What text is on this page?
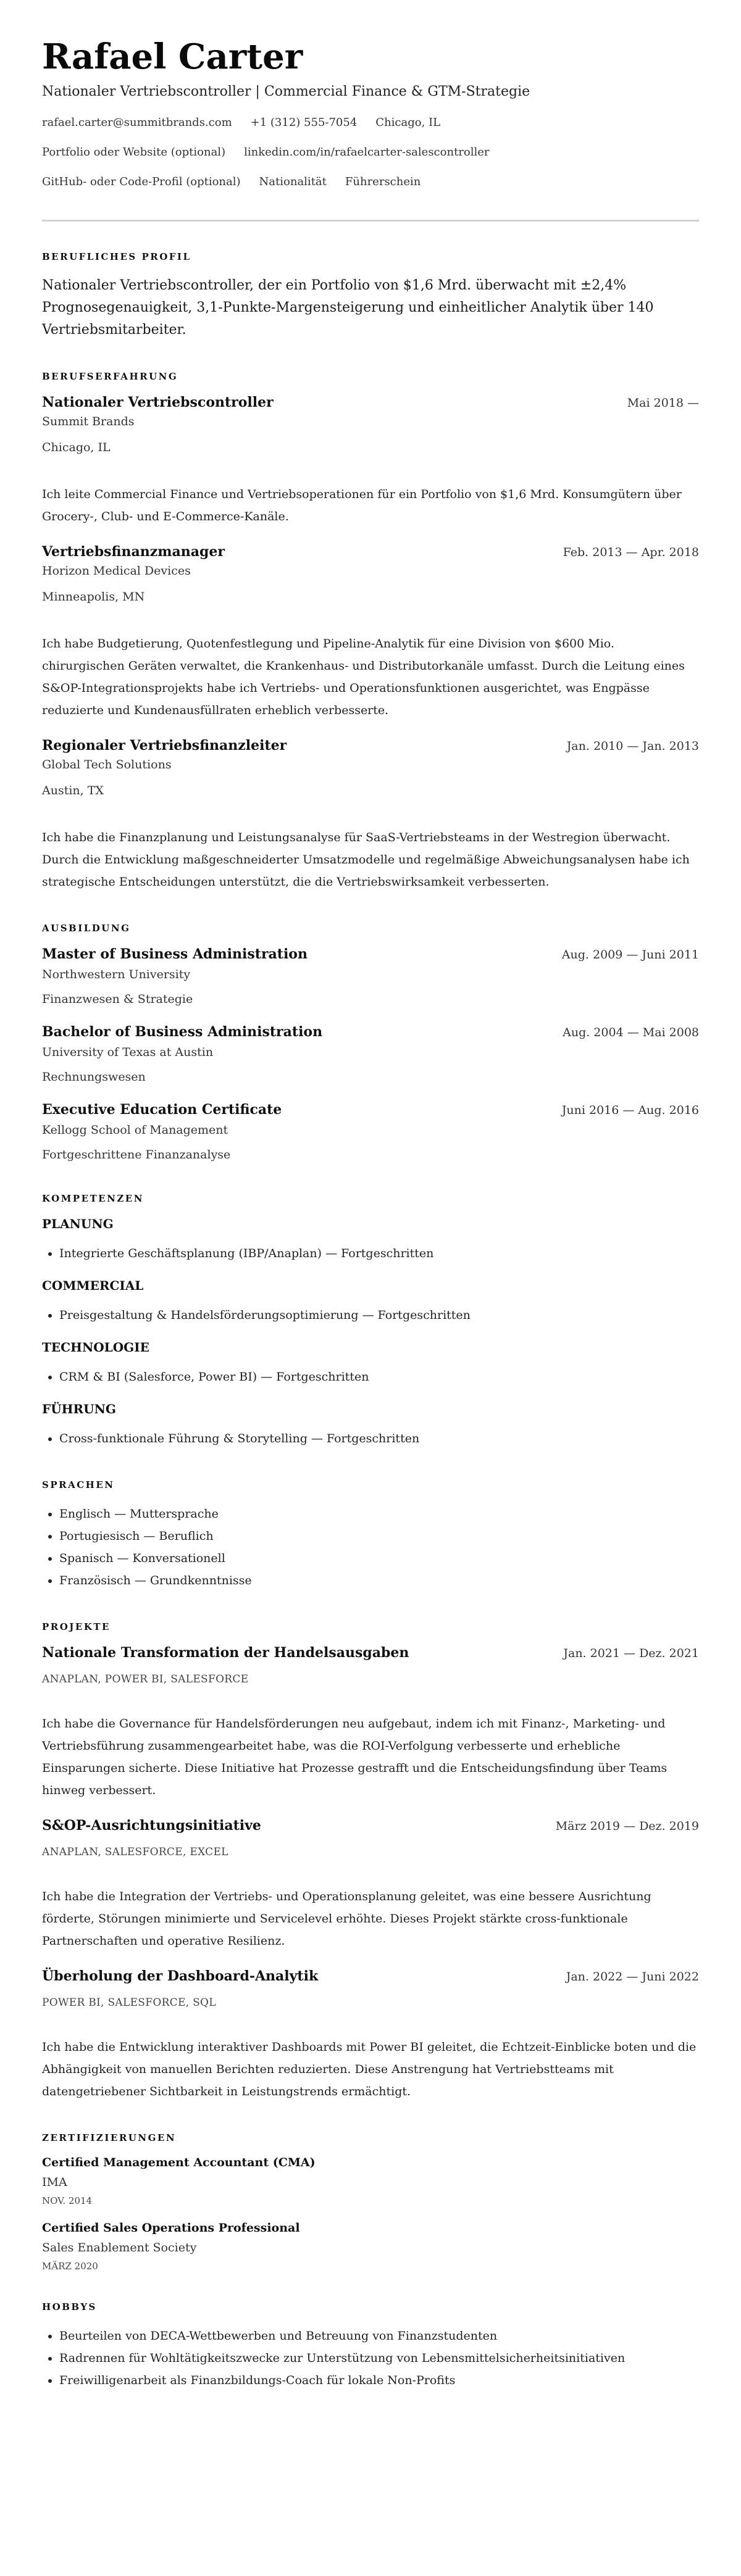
Rafael Carter
Nationaler Vertriebscontroller | Commercial Finance & GTM-Strategie
rafael.carter@summitbrands.com +1 (312) 555-7054 Chicago, IL
Portfolio oder Website (optional) linkedin.com/in/rafaelcarter-salescontroller
GitHub- oder Code-Profil (optional) Nationalität Führerschein
BERUFLICHES PROFIL

Nationaler Vertriebscontroller, der ein Portfolio von $1,6 Mrd. überwacht mit ±2,4% Prognosegenauigkeit, 3,1-Punkte-Margensteigerung und einheitlicher Analytik über 140 Vertriebsmitarbeiter.

BERUFSERFAHRUNG
Nationaler Vertriebscontroller	Mai 2018 —
Summit Brands
Chicago, IL
Ich leite Commercial Finance und Vertriebsoperationen für ein Portfolio von $1,6 Mrd. Konsumgütern über Grocery-, Club- und E-Commerce-Kanäle.
Vertriebsfinanzmanager	Feb. 2013 — Apr. 2018
Horizon Medical Devices
Minneapolis, MN
Ich habe Budgetierung, Quotenfestlegung und Pipeline-Analytik für eine Division von $600 Mio. chirurgischen Geräten verwaltet, die Krankenhaus- und Distributorkanäle umfasst. Durch die Leitung eines S&OP-Integrationsprojekts habe ich Vertriebs- und Operationsfunktionen ausgerichtet, was Engpässe reduzierte und Kundenausfüllraten erheblich verbesserte.
Regionaler Vertriebsfinanzleiter	Jan. 2010 — Jan. 2013
Global Tech Solutions
Austin, TX
Ich habe die Finanzplanung und Leistungsanalyse für SaaS-Vertriebsteams in der Westregion überwacht. Durch die Entwicklung maßgeschneiderter Umsatzmodelle und regelmäßige Abweichungsanalysen habe ich strategische Entscheidungen unterstützt, die die Vertriebswirksamkeit verbesserten.
AUSBILDUNG
Master of Business Administration	Aug. 2009 — Juni 2011
Northwestern University
Finanzwesen & Strategie
Bachelor of Business Administration	Aug. 2004 — Mai 2008
University of Texas at Austin
Rechnungswesen
Executive Education Certificate	Juni 2016 — Aug. 2016
Kellogg School of Management
Fortgeschrittene Finanzanalyse
KOMPETENZEN
PLANUNG
• Integrierte Geschäftsplanung (IBP/Anaplan) — Fortgeschritten
COMMERCIAL
• Preisgestaltung & Handelsförderungsoptimierung — Fortgeschritten
TECHNOLOGIE
• CRM & BI (Salesforce, Power BI) — Fortgeschritten
FÜHRUNG
• Cross-funktionale Führung & Storytelling — Fortgeschritten
SPRACHEN
• Englisch — Muttersprache
• Portugiesisch — Beruflich
• Spanisch — Konversationell
• Französisch — Grundkenntnisse
PROJEKTE
Nationale Transformation der Handelsausgaben	Jan. 2021 — Dez. 2021
ANAPLAN, POWER BI, SALESFORCE
Ich habe die Governance für Handelsförderungen neu aufgebaut, indem ich mit Finanz-, Marketing- und Vertriebsführung zusammengearbeitet habe, was die ROI-Verfolgung verbesserte und erhebliche Einsparungen sicherte. Diese Initiative hat Prozesse gestrafft und die Entscheidungsfindung über Teams hinweg verbessert.
S&OP-Ausrichtungsinitiative	März 2019 — Dez. 2019
ANAPLAN, SALESFORCE, EXCEL
Ich habe die Integration der Vertriebs- und Operationsplanung geleitet, was eine bessere Ausrichtung förderte, Störungen minimierte und Servicelevel erhöhte. Dieses Projekt stärkte cross-funktionale Partnerschaften und operative Resilienz.
Überholung der Dashboard-Analytik	Jan. 2022 — Juni 2022
POWER BI, SALESFORCE, SQL
Ich habe die Entwicklung interaktiver Dashboards mit Power BI geleitet, die Echtzeit-Einblicke boten und die Abhängigkeit von manuellen Berichten reduzierten. Diese Anstrengung hat Vertriebstteams mit datengetriebener Sichtbarkeit in Leistungstrends ermächtigt.
ZERTIFIZIERUNGEN
Certified Management Accountant (CMA)
IMA
NOV. 2014
Certified Sales Operations Professional
Sales Enablement Society
MÄRZ 2020
HOBBYS
• Beurteilen von DECA-Wettbewerben und Betreuung von Finanzstudenten
• Radrennen für Wohltätigkeitszwecke zur Unterstützung von Lebensmittelsicherheitsinitiativen
• Freiwilligenarbeit als Finanzbildungs-Coach für lokale Non-Profits
